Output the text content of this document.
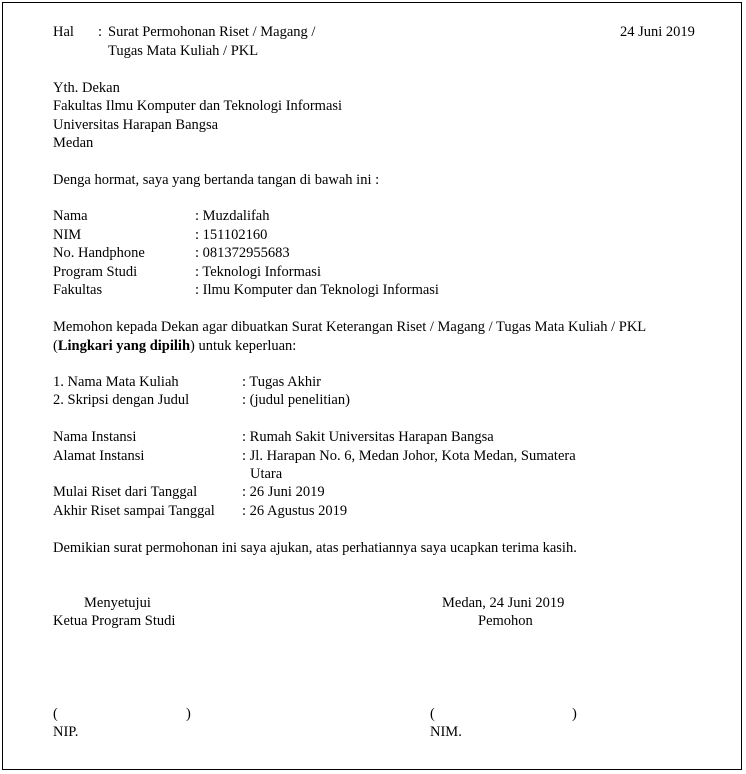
Hal : Surat Permohonan Riset / Magang /
Tugas Mata Kuliah / PKL
24 Juni 2019
Yth. Dekan
Fakultas Ilmu Komputer dan Teknologi Informasi
Universitas Harapan Bangsa
Medan
Denga hormat, saya yang bertanda tangan di bawah ini :
Nama	: Muzdalifah
NIM	: 151102160
No. Handphone	: 081372955683
Program Studi	: Teknologi Informasi
Fakultas	: Ilmu Komputer dan Teknologi Informasi
Memohon kepada Dekan agar dibuatkan Surat Keterangan Riset / Magang / Tugas Mata Kuliah / PKL
(Lingkari yang dipilih) untuk keperluan:
1. Nama Mata Kuliah	: Tugas Akhir
2. Skripsi dengan Judul	: (judul penelitian)
Nama Instansi	: Rumah Sakit Universitas Harapan Bangsa
Alamat Instansi	: Jl. Harapan No. 6, Medan Johor, Kota Medan, Sumatera
Utara
Mulai Riset dari Tanggal	: 26 Juni 2019
Akhir Riset sampai Tanggal : 26 Agustus 2019
Demikian surat permohonan ini saya ajukan, atas perhatiannya saya ucapkan terima kasih.
Menyetujui
Ketua Program Studi
Medan, 24 Juni 2019
Pemohon
(	)	(	)
NIP.	NIM.
